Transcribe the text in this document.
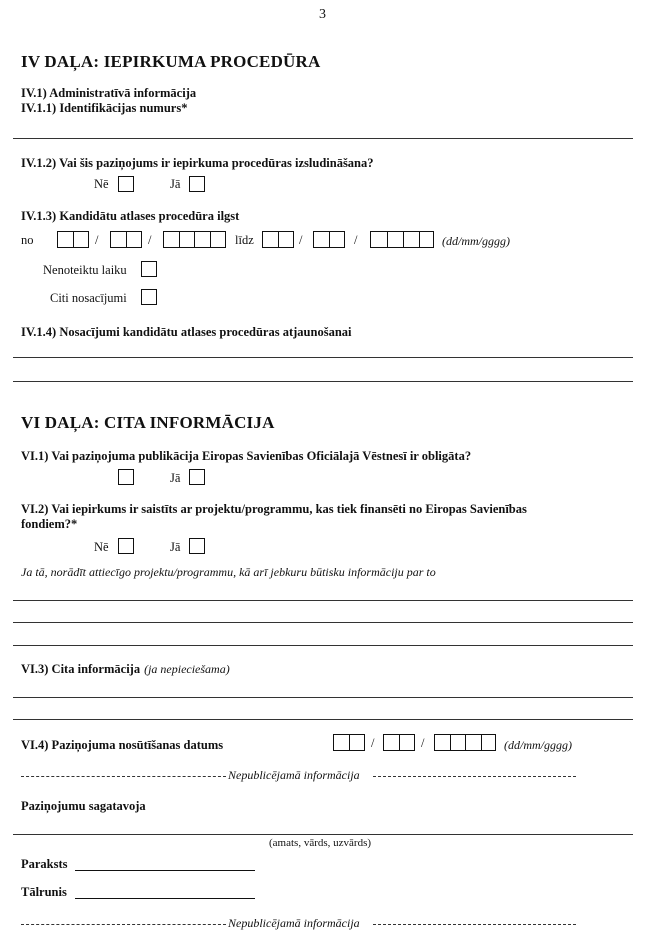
3
IV DAĻA: IEPIRKUMA PROCEDŪRA
IV.1) Administratīvā informācija
IV.1.1) Identifikācijas numurs*
IV.1.2) Vai šis paziņojums ir iepirkuma procedūras izsludināšana?
Nē	Jā
IV.1.3) Kandidātu atlases procedūra ilgst
no	/	/	līdz	/	/	(dd/mm/gggg)
Nenoteiktu laiku
Citi nosacījumi
IV.1.4) Nosacījumi kandidātu atlases procedūras atjaunošanai
VI DAĻA: CITA INFORMĀCIJA
VI.1) Vai paziņojuma publikācija Eiropas Savienības Oficiālajā Vēstnesī ir obligāta?
Jā
VI.2) Vai iepirkums ir saistīts ar projektu/programmu, kas tiek finansēti no Eiropas Savienības
fondiem?*
Nē	Jā
Ja tā, norādīt attiecīgo projektu/programmu, kā arī jebkuru būtisku informāciju par to
VI.3) Cita informācija (ja nepieciešama)
VI.4) Paziņojuma nosūtīšanas datums	/	/	(dd/mm/gggg)
Nepublicējamā informācija
Paziņojumu sagatavoja
(amats, vārds, uzvārds)
Paraksts
Tālrunis
Nepublicējamā informācija
